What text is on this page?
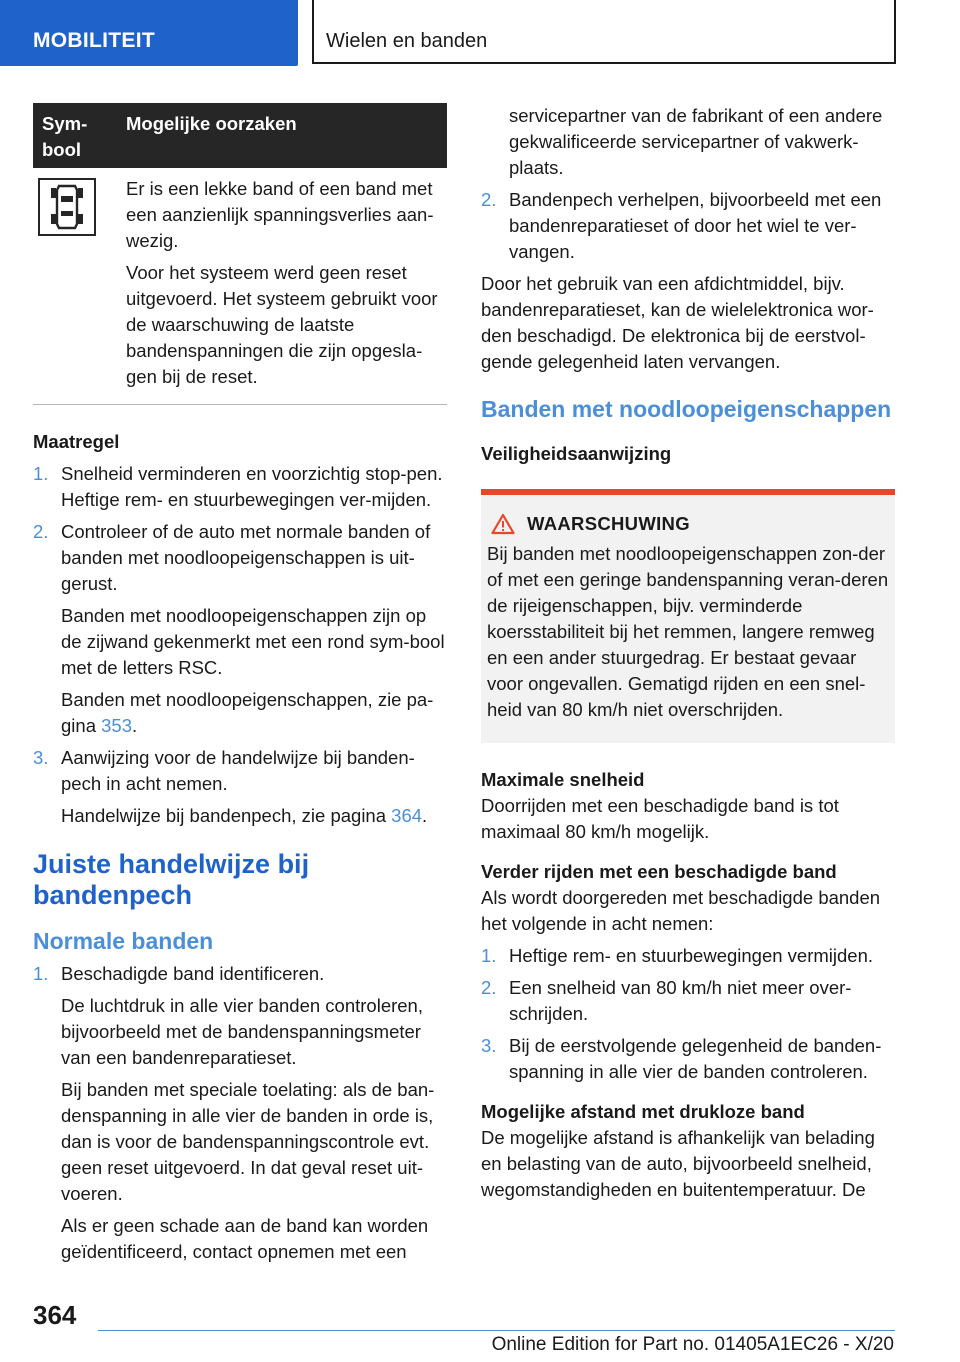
MOBILITEIT	Wielen en banden
Sym-
bool
Mogelijke oorzaken

Er is een lekke band of een band met een aanzienlijk spanningsverlies aan-wezig.

Voor het systeem werd geen reset uitgevoerd. Het systeem gebruikt voor de waarschuwing de laatste bandenspanningen die zijn opgesla-gen bij de reset.

Maatregel
1. Snelheid verminderen en voorzichtig stop-pen. Heftige rem- en stuurbewegingen ver-mijden.
2. Controleer of de auto met normale banden of banden met noodloopeigenschappen is uit-gerust.

Banden met noodloopeigenschappen zijn op de zijwand gekenmerkt met een rond sym-bool met de letters RSC.

Banden met noodloopeigenschappen, zie pa-gina 353.

3. Aanwijzing voor de handelwijze bij banden-pech in acht nemen.

Handelwijze bij bandenpech, zie pagina 364.

Juiste handelwijze bij bandenpech
Normale banden
1. Beschadigde band identificeren.

De luchtdruk in alle vier banden controleren, bijvoorbeeld met de bandenspanningsmeter van een bandenreparatieset.

Bij banden met speciale toelating: als de ban-denspanning in alle vier de banden in orde is, dan is voor de bandenspanningscontrole evt. geen reset uitgevoerd. In dat geval reset uit-voeren.

Als er geen schade aan de band kan worden geïdentificeerd, contact opnemen met een

servicepartner van de fabrikant of een andere gekwalificeerde servicepartner of vakwerk-plaats.

2. Bandenpech verhelpen, bijvoorbeeld met een bandenreparatieset of door het wiel te ver-vangen.

Door het gebruik van een afdichtmiddel, bijv. bandenreparatieset, kan de wielelektronica wor-den beschadigd. De elektronica bij de eerstvol-gende gelegenheid laten vervangen.

Banden met noodloopeigenschappen
Veiligheidsaanwijzing
WAARSCHUWING

Bij banden met noodloopeigenschappen zon-der of met een geringe bandenspanning veran-deren de rijeigenschappen, bijv. verminderde koersstabiliteit bij het remmen, langere remweg en een ander stuurgedrag. Er bestaat gevaar voor ongevallen. Gematigd rijden en een snel-heid van 80 km/h niet overschrijden.

Maximale snelheid

Doorrijden met een beschadigde band is tot maximaal 80 km/h mogelijk.

Verder rijden met een beschadigde band

Als wordt doorgereden met beschadigde banden het volgende in acht nemen:

1. Heftige rem- en stuurbewegingen vermijden.
2. Een snelheid van 80 km/h niet meer over-schrijden.
3. Bij de eerstvolgende gelegenheid de banden-spanning in alle vier de banden controleren.
Mogelijke afstand met drukloze band

De mogelijke afstand is afhankelijk van belading en belasting van de auto, bijvoorbeeld snelheid, wegomstandigheden en buitentemperatuur. De

364
Online Edition for Part no. 01405A1EC26 - X/20
